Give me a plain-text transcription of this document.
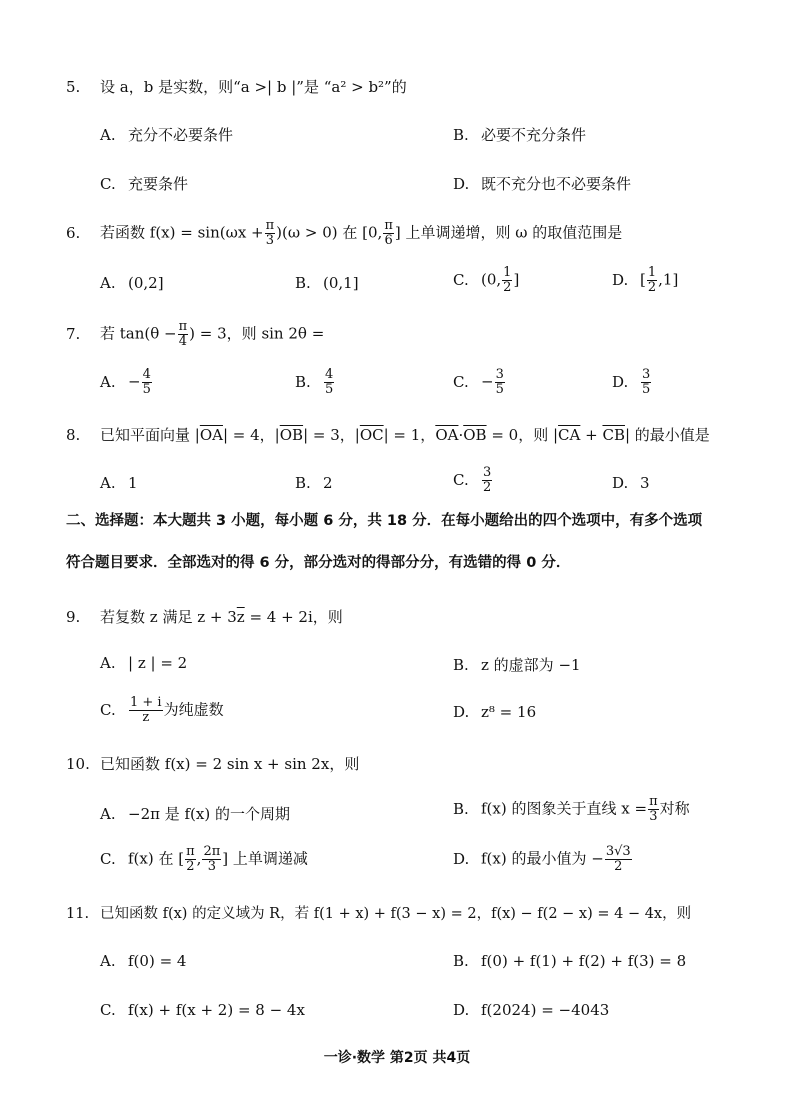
5. 设 a，b 是实数，则“a >| b |”是 “a² > b²”的
A. 充分不必要条件	B. 必要不充分条件
C. 充要条件	D. 既不充分也不必要条件
6. 若函数 $f(x) = \sin(\omega x + \frac{\pi}{3} )(\omega > 0)$ 在 [0, $\frac{\pi}{6}$ ] 上单调递增，则 ω 的取值范围是
A. (0,2]	B. (0,1]	C. (0, $\frac{1}{2}$ ]	D. [ $\frac{1}{2} ,1$]
7. 若 $\tan(\theta - \frac{\pi}{4}$ ) = 3，则 sin 2θ =
A. − $\frac{4}{5}$	B. $\frac{4}{5}$	C. − $\frac{3}{5}$	D. $\frac{3}{5}$
8. 已知平面向量 $|\overline{OA}| = 4$，$|\overline{OB}| = 3$，$|\overline{OC}| = 1$，$\overline{OA}\cdot\overline{OB} = 0$，则 $|\overline{CA} + \overline{CB}|$ 的最小值是
A. 1	B. 2	C. $\frac{3}{2}$	D. 3
二、选择题：本大题共 3 小题，每小题 6 分，共 18 分．在每小题给出的四个选项中，有多个选项
符合题目要求．全部选对的得 6 分，部分选对的得部分分，有选错的得 0 分．
9. 若复数 z 满足 $z + 3\overline{z} = 4 + 2i$，则
A. | z | = 2	B. z 的虚部为 −1
C. $\frac{1 + i}{z}$ 为纯虚数	D. z⁸ = 16
10. 已知函数 f(x) = 2 sin x + sin 2x，则
A. −2π 是 f(x) 的一个周期	B. f(x) 的图象关于直线 $x = \frac{\pi}{3}$ 对称
C. f(x) 在 [ $\frac{\pi}{2}$ , $\frac{2\pi}{3}$ ] 上单调递减	D. f(x) 的最小值为 − $\frac{3√3}{2}$
11. 已知函数 f(x) 的定义域为 R，若 f(1 + x) + f(3 − x) = 2，f(x) − f(2 − x) = 4 − 4x，则
A. f(0) = 4	B. f(0) + f(1) + f(2) + f(3) = 8
C. f(x) + f(x + 2) = 8 − 4x	D. f(2024) = −4043
一诊·数学 第2页 共4页
